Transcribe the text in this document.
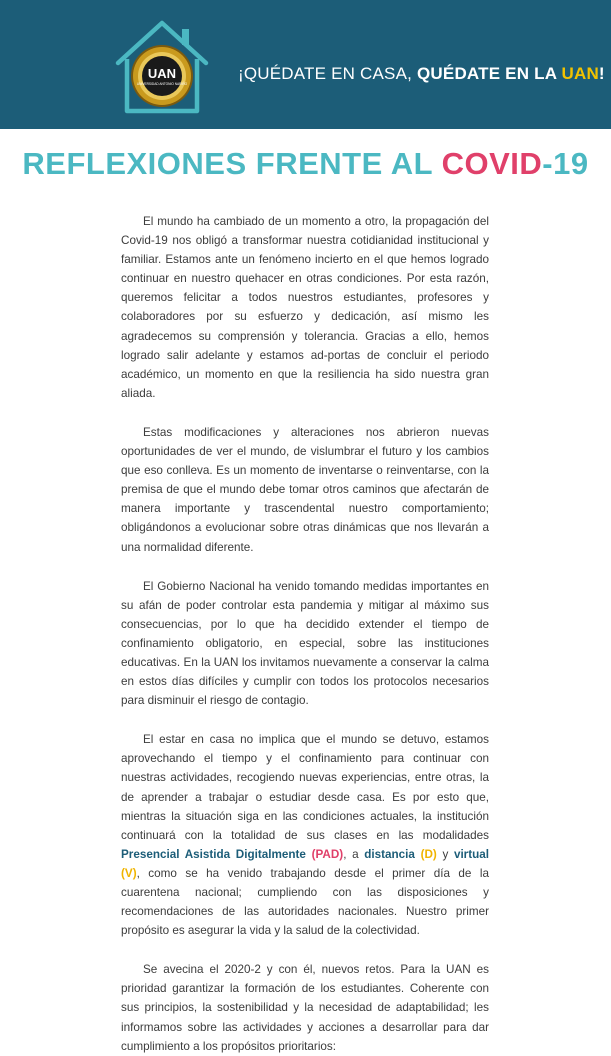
UAN
UNIVERSIDAD ANTONIO NARIÑO
¡QUÉDATE EN CASA, QUÉDATE EN LA UAN!
REFLEXIONES FRENTE AL COVID-19

El mundo ha cambiado de un momento a otro, la propagación del Covid-19 nos obligó a transformar nuestra cotidianidad institucional y familiar. Estamos ante un fenómeno incierto en el que hemos logrado continuar en nuestro quehacer en otras condiciones. Por esta razón, queremos felicitar a todos nuestros estudiantes, profesores y colaboradores por su esfuerzo y dedicación, así mismo les agradecemos su comprensión y tolerancia. Gracias a ello, hemos logrado salir adelante y estamos ad-portas de concluir el periodo académico, un momento en que la resiliencia ha sido nuestra gran aliada.

Estas modificaciones y alteraciones nos abrieron nuevas oportunidades de ver el mundo, de vislumbrar el futuro y los cambios que eso conlleva. Es un momento de inventarse o reinventarse, con la premisa de que el mundo debe tomar otros caminos que afectarán de manera importante y trascendental nuestro comportamiento; obligándonos a evolucionar sobre otras dinámicas que nos llevarán a una normalidad diferente.

El Gobierno Nacional ha venido tomando medidas importantes en su afán de poder controlar esta pandemia y mitigar al máximo sus consecuencias, por lo que ha decidido extender el tiempo de confinamiento obligatorio, en especial, sobre las instituciones educativas. En la UAN los invitamos nuevamente a conservar la calma en estos días difíciles y cumplir con todos los protocolos necesarios para disminuir el riesgo de contagio.

El estar en casa no implica que el mundo se detuvo, estamos aprovechando el tiempo y el confinamiento para continuar con nuestras actividades, recogiendo nuevas experiencias, entre otras, la de aprender a trabajar o estudiar desde casa. Es por esto que, mientras la situación siga en las condiciones actuales, la institución continuará con la totalidad de sus clases en las modalidades Presencial Asistida Digitalmente (PAD), a distancia (D) y virtual (V), como se ha venido trabajando desde el primer día de la cuarentena nacional; cumpliendo con las disposiciones y recomendaciones de las autoridades nacionales. Nuestro primer propósito es asegurar la vida y la salud de la colectividad.

Se avecina el 2020-2 y con él, nuevos retos. Para la UAN es prioridad garantizar la formación de los estudiantes. Coherente con sus principios, la sostenibilidad y la necesidad de adaptabilidad; les informamos sobre las actividades y acciones a desarrollar para dar cumplimiento a los propósitos prioritarios:
